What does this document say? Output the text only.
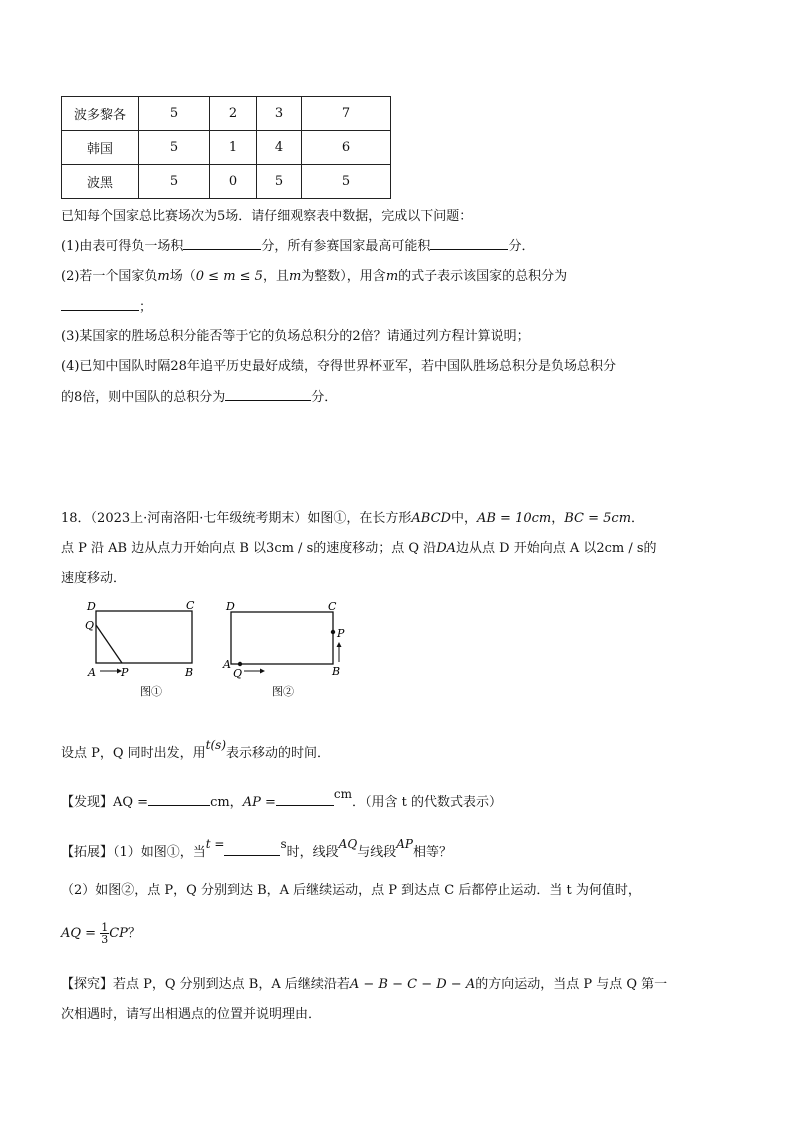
波多黎各	5	2	3	7
韩国	5	1	4	6
波黑	5	0	5	5
已知每个国家总比赛场次为5场．请仔细观察表中数据，完成以下问题：
(1)由表可得负一场积	分，所有参赛国家最高可能积	分．
(2)若一个国家负m场（0 ≤ m ≤ 5，且m为整数），用含m的式子表示该国家的总积分为
；
(3)某国家的胜场总积分能否等于它的负场总积分的2倍？请通过列方程计算说明；
(4)已知中国队时隔28年追平历史最好成绩，夺得世界杯亚军，若中国队胜场总积分是负场总积分
的8倍，则中国队的总积分为	分．
18．（2023上·河南洛阳·七年级统考期末）如图①，在长方形ABCD中，AB = 10cm，BC = 5cm．
点 P 沿 AB 边从点力开始向点 B 以3cm / s的速度移动；点 Q 沿DA边从点 D 开始向点 A 以2cm / s的
速度移动．
D	C
Q
A P	B
图①
D	C
P
A
Q	B
图②
设点 P，Q 同时出发，用t(s)表示移动的时间．
【发现】AQ =	cm，AP =cm．（用含 t 的代数式表示）
【拓展】（1）如图①，当t =	s时，线段AQ与线段AP相等？
（2）如图②，点 P，Q 分别到达 B，A 后继续运动，点 P 到达点 C 后都停止运动．当 t 为何值时，
AQ = $\frac{1}{3}$ CP？
【探究】若点 P，Q 分别到达点 B，A 后继续沿若A − B − C − D − A的方向运动，当点 P 与点 Q 第一
次相遇时，请写出相遇点的位置并说明理由．
